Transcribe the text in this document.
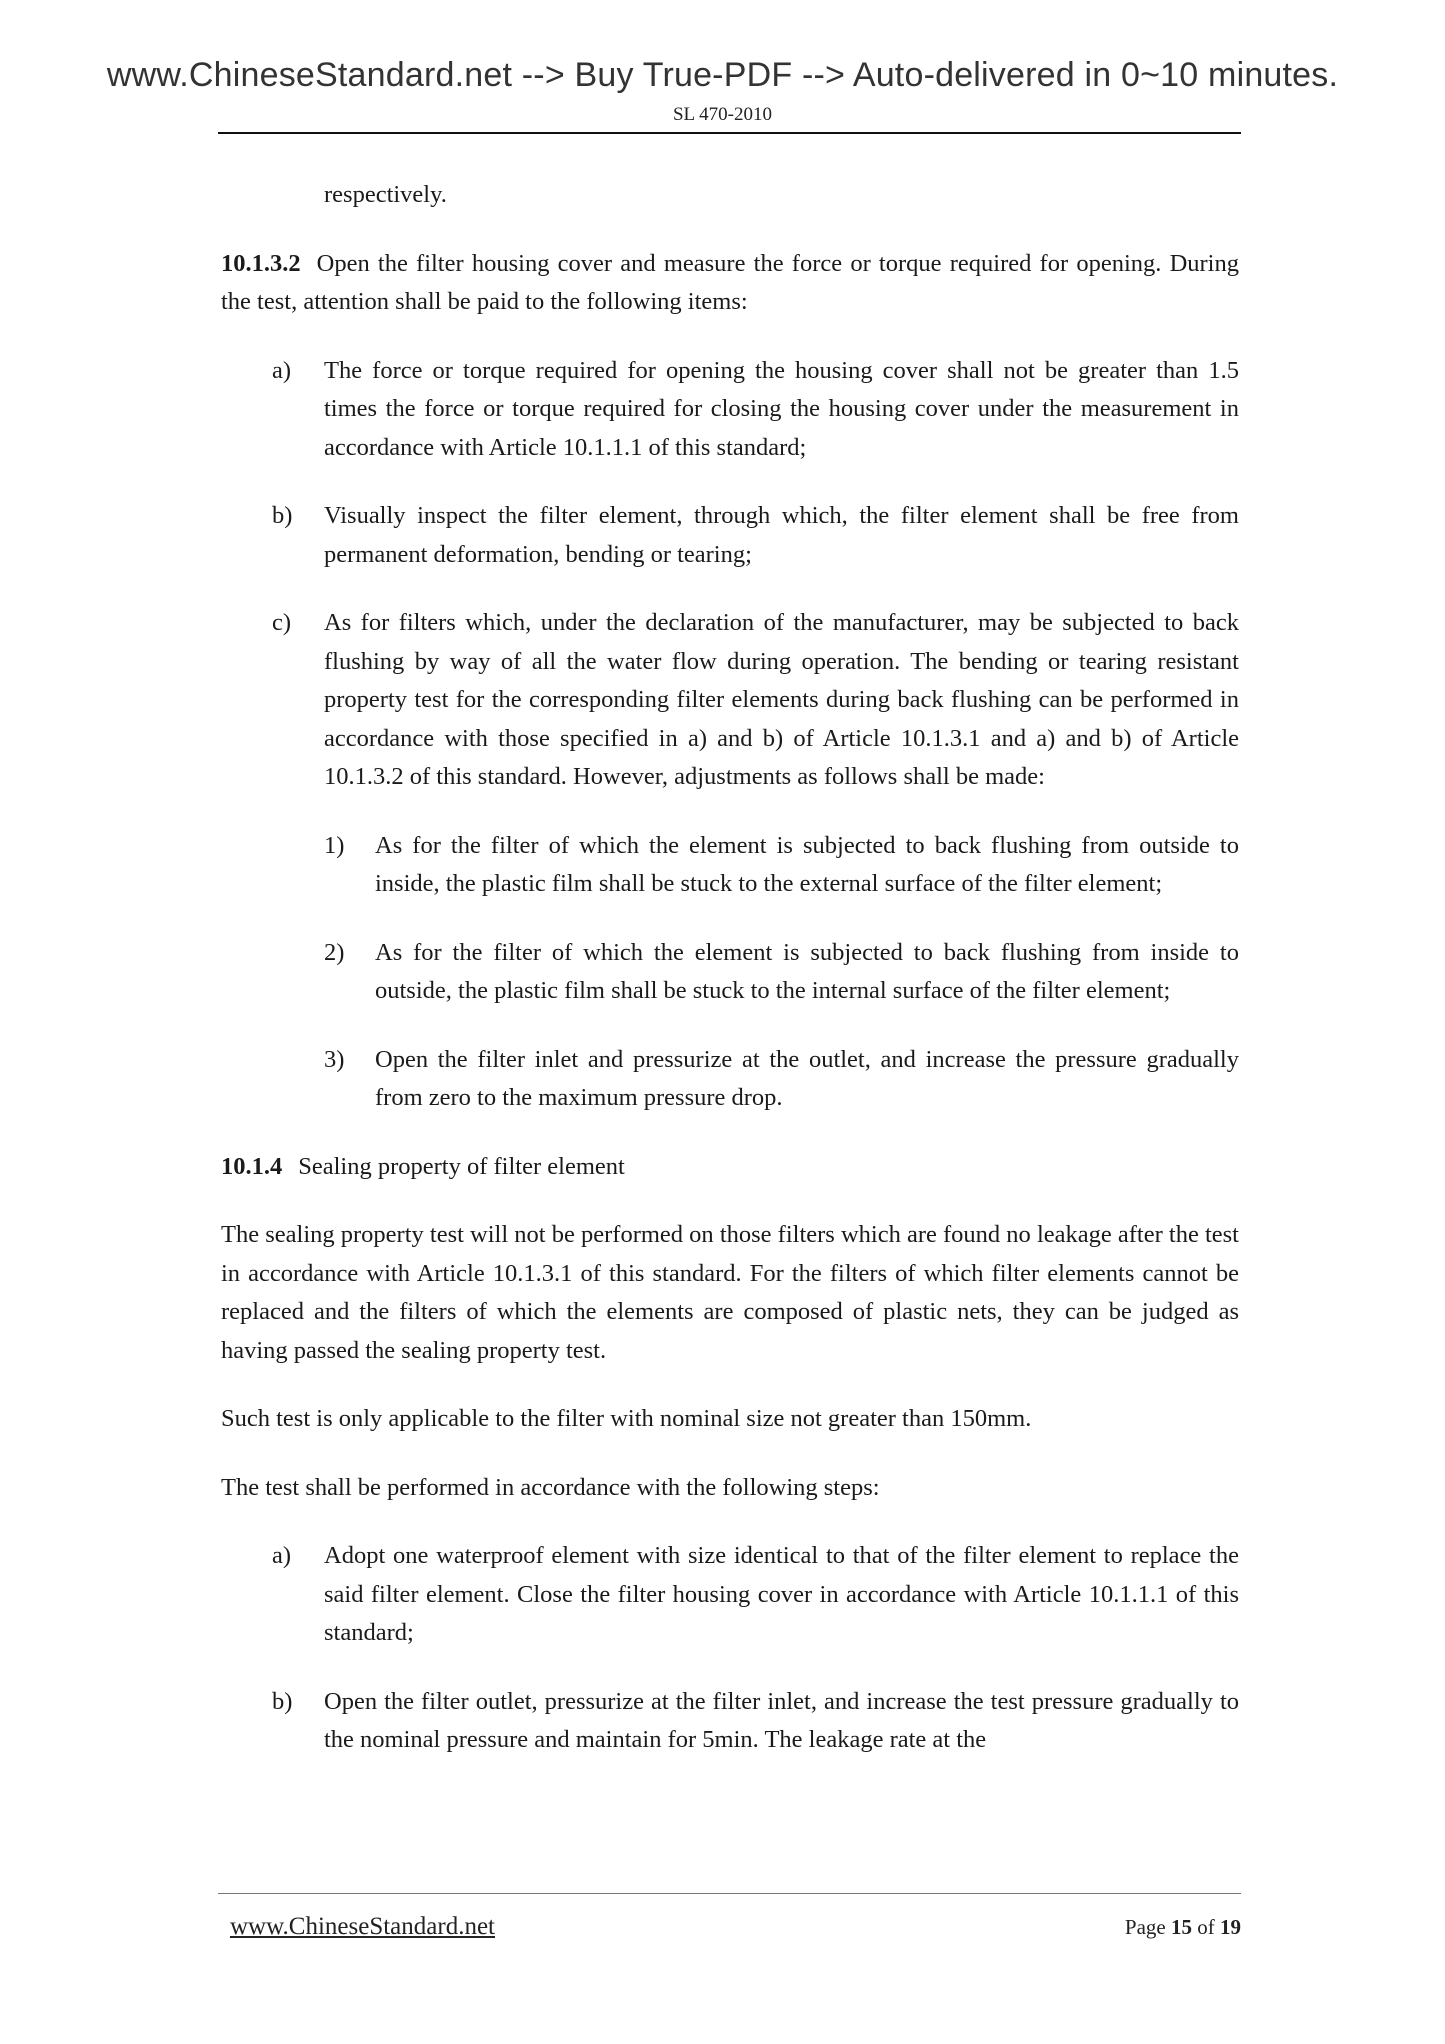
www.ChineseStandard.net --> Buy True-PDF --> Auto-delivered in 0~10 minutes.
SL 470-2010

respectively.

10.1.3.2 Open the filter housing cover and measure the force or torque required for opening. During the test, attention shall be paid to the following items:

a) The force or torque required for opening the housing cover shall not be greater than 1.5 times the force or torque required for closing the housing cover under the measurement in accordance with Article 10.1.1.1 of this standard;

b) Visually inspect the filter element, through which, the filter element shall be free from permanent deformation, bending or tearing;

c) As for filters which, under the declaration of the manufacturer, may be subjected to back flushing by way of all the water flow during operation. The bending or tearing resistant property test for the corresponding filter elements during back flushing can be performed in accordance with those specified in a) and b) of Article 10.1.3.1 and a) and b) of Article 10.1.3.2 of this standard. However, adjustments as follows shall be made:

1) As for the filter of which the element is subjected to back flushing from outside to inside, the plastic film shall be stuck to the external surface of the filter element;

2) As for the filter of which the element is subjected to back flushing from inside to outside, the plastic film shall be stuck to the internal surface of the filter element;

3) Open the filter inlet and pressurize at the outlet, and increase the pressure gradually from zero to the maximum pressure drop.

10.1.4 Sealing property of filter element

The sealing property test will not be performed on those filters which are found no leakage after the test in accordance with Article 10.1.3.1 of this standard. For the filters of which filter elements cannot be replaced and the filters of which the elements are composed of plastic nets, they can be judged as having passed the sealing property test.

Such test is only applicable to the filter with nominal size not greater than 150mm.

The test shall be performed in accordance with the following steps:

a) Adopt one waterproof element with size identical to that of the filter element to replace the said filter element. Close the filter housing cover in accordance with Article 10.1.1.1 of this standard;

b) Open the filter outlet, pressurize at the filter inlet, and increase the test pressure gradually to the nominal pressure and maintain for 5min. The leakage rate at the

www.ChineseStandard.net	Page 15 of 19
